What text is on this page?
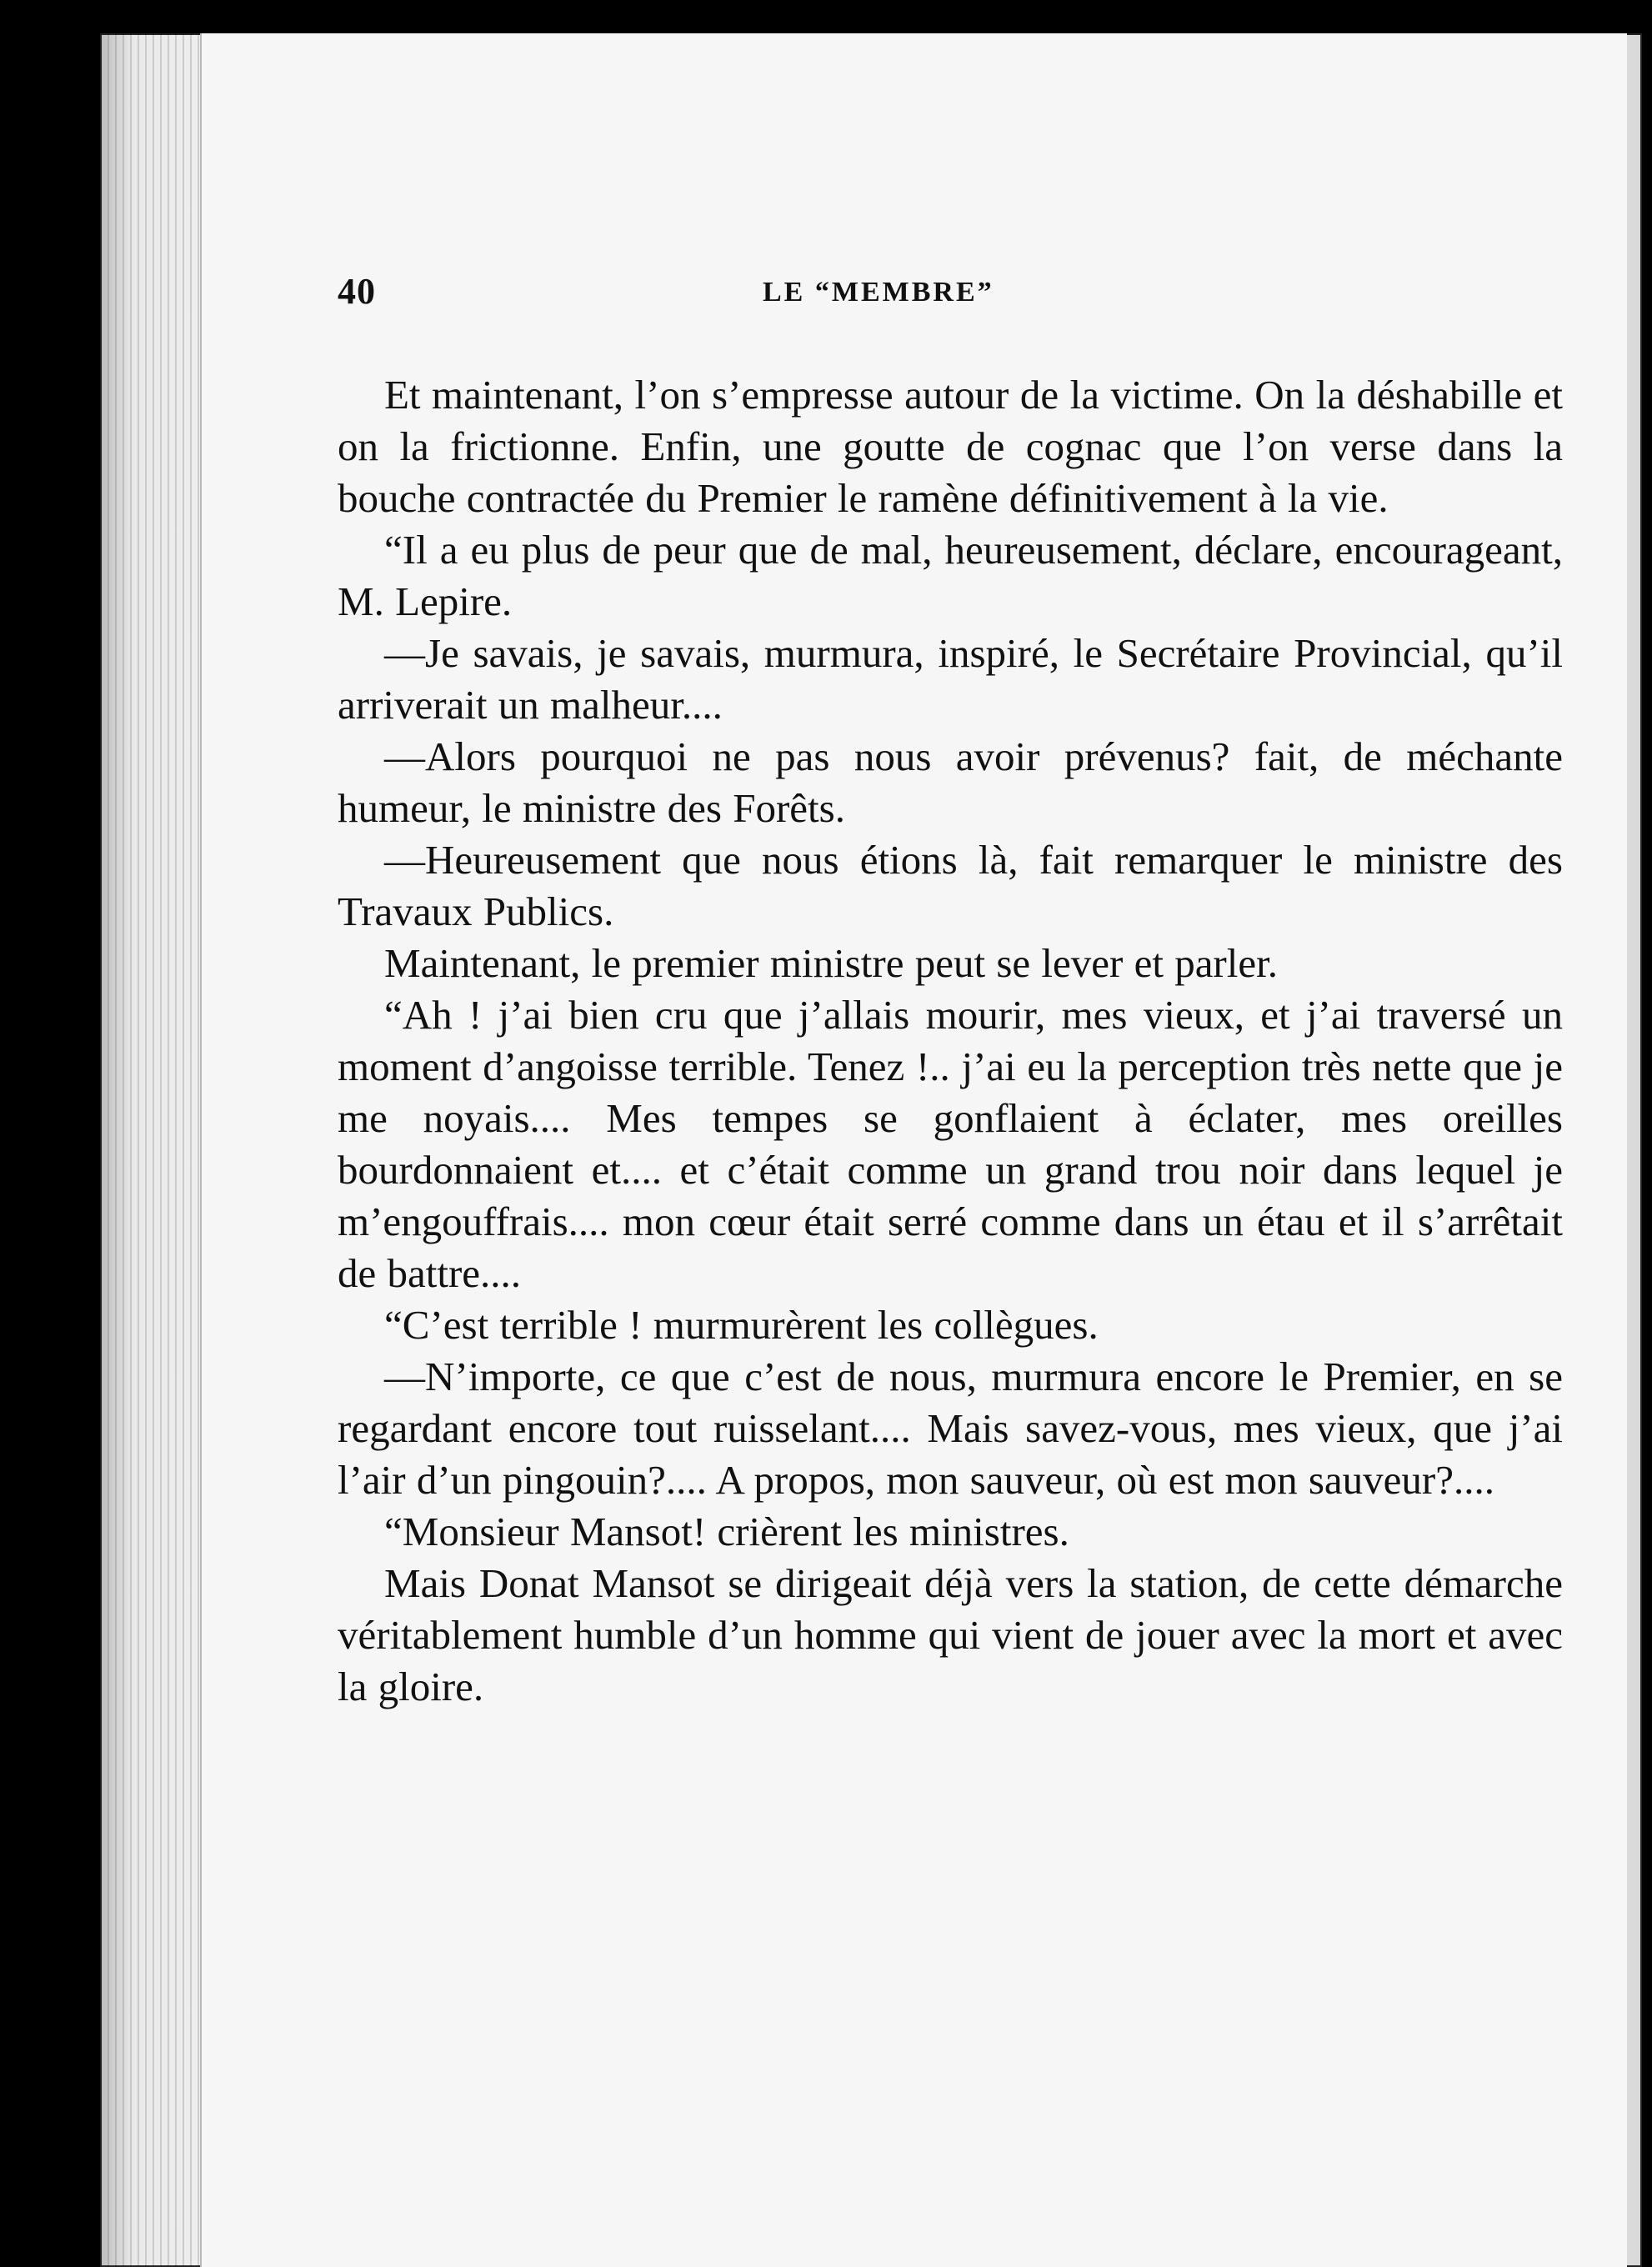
40	LE “MEMBRE”

Et maintenant, l’on s’empresse autour de la victime. On la déshabille et on la frictionne. Enfin, une goutte de cognac que l’on verse dans la bouche contractée du Premier le ramène définitivement à la vie.

“Il a eu plus de peur que de mal, heureusement, déclare, encourageant, M. Lepire.

—Je savais, je savais, murmura, inspiré, le Secrétaire Provincial, qu’il arriverait un malheur....

—Alors pourquoi ne pas nous avoir prévenus? fait, de méchante humeur, le ministre des Forêts.

—Heureusement que nous étions là, fait remarquer le ministre des Travaux Publics.

Maintenant, le premier ministre peut se lever et parler.

“Ah ! j’ai bien cru que j’allais mourir, mes vieux, et j’ai traversé un moment d’angoisse terrible. Tenez !.. j’ai eu la perception très nette que je me noyais.... Mes tempes se gonflaient à éclater, mes oreilles bourdonnaient et.... et c’était comme un grand trou noir dans lequel je m’engouffrais.... mon cœur était serré comme dans un étau et il s’arrêtait de battre....

“C’est terrible ! murmurèrent les collègues.

—N’importe, ce que c’est de nous, murmura encore le Premier, en se regardant encore tout ruisselant.... Mais savez-vous, mes vieux, que j’ai l’air d’un pingouin?.... A propos, mon sauveur, où est mon sauveur?....

“Monsieur Mansot! crièrent les ministres.

Mais Donat Mansot se dirigeait déjà vers la station, de cette démarche véritablement humble d’un homme qui vient de jouer avec la mort et avec la gloire.
